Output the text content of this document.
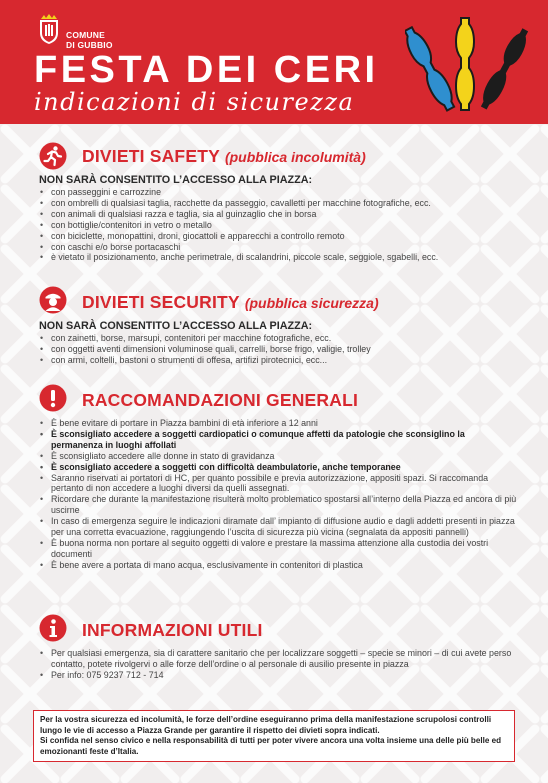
COMUNE
DI GUBBIO
FESTA DEI CERI
indicazioni di sicurezza
DIVIETI SAFETY (pubblica incolumità)
NON SARÀ CONSENTITO L’ACCESSO ALLA PIAZZA:
• con passeggini e carrozzine
• con ombrelli di qualsiasi taglia, racchette da passeggio, cavalletti per macchine fotografiche, ecc.
• con animali di qualsiasi razza e taglia, sia al guinzaglio che in borsa
• con bottiglie/contenitori in vetro o metallo
• con biciclette, monopattini, droni, giocattoli e apparecchi a controllo remoto
• con caschi e/o borse portacaschi
• è vietato il posizionamento, anche perimetrale, di scalandrini, piccole scale, seggiole, sgabelli, ecc.
DIVIETI SECURITY (pubblica sicurezza)
NON SARÀ CONSENTITO L’ACCESSO ALLA PIAZZA:
• con zainetti, borse, marsupi, contenitori per macchine fotografiche, ecc.
• con oggetti aventi dimensioni voluminose quali, carrelli, borse frigo, valigie, trolley
• con armi, coltelli, bastoni o strumenti di offesa, artifizi pirotecnici, ecc...
RACCOMANDAZIONI GENERALI
• È bene evitare di portare in Piazza bambini di età inferiore a 12 anni
• È sconsigliato accedere a soggetti cardiopatici o comunque affetti da patologie che sconsiglino la permanenza in luoghi affollati
• È sconsigliato accedere alle donne in stato di gravidanza
• È sconsigliato accedere a soggetti con difficoltà deambulatorie, anche temporanee
• Saranno riservati ai portatori di HC, per quanto possibile e previa autorizzazione, appositi spazi. Si raccomanda pertanto di non accedere a luoghi diversi da quelli assegnati.
• Ricordare che durante la manifestazione risulterà molto problematico spostarsi all’interno della Piazza ed ancora di più uscirne
• In caso di emergenza seguire le indicazioni diramate dall’ impianto di diffusione audio e dagli addetti presenti in piazza per una corretta evacuazione, raggiungendo l’uscita di sicurezza più vicina (segnalata da appositi pannelli)
• È buona norma non portare al seguito oggetti di valore e prestare la massima attenzione alla custodia dei vostri documenti
• È bene avere a portata di mano acqua, esclusivamente in contenitori di plastica
INFORMAZIONI UTILI
• Per qualsiasi emergenza, sia di carattere sanitario che per localizzare soggetti – specie se minori – di cui avete perso contatto, potete rivolgervi o alle forze dell’ordine o al personale di ausilio presente in piazza
• Per info: 075 9237 712 - 714

Per la vostra sicurezza ed incolumità, le forze dell’ordine eseguiranno prima della manifestazione scrupolosi controlli lungo le vie di accesso a Piazza Grande per garantire il rispetto dei divieti sopra indicati.

Si confida nel senso civico e nella responsabilità di tutti per poter vivere ancora una volta insieme una delle più belle ed emozionanti feste d’Italia.
